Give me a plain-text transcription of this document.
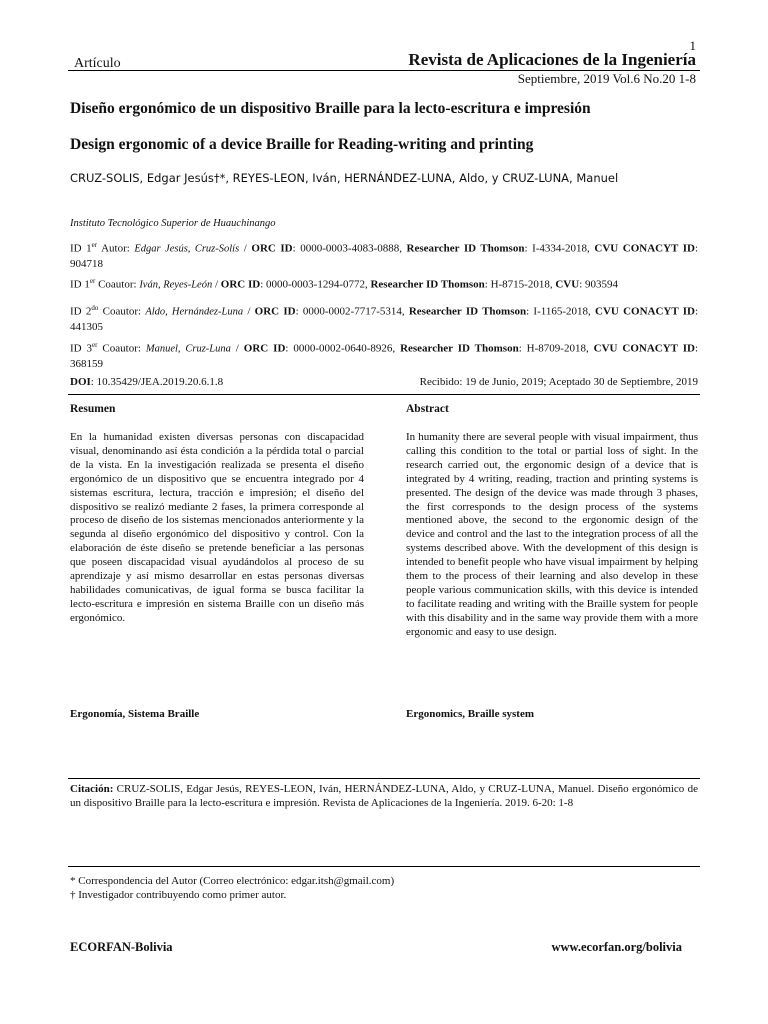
1
Artículo	Revista de Aplicaciones de la Ingeniería
Septiembre, 2019 Vol.6 No.20 1-8
Diseño ergonómico de un dispositivo Braille para la lecto-escritura e impresión
Design ergonomic of a device Braille for Reading-writing and printing
CRUZ-SOLIS, Edgar Jesús†*, REYES-LEON, Iván, HERNÁNDEZ-LUNA, Aldo, y CRUZ-LUNA, Manuel
Instituto Tecnológico Superior de Huauchinango
ID 1er Autor: Edgar Jesús, Cruz-Solís / ORC ID: 0000-0003-4083-0888, Researcher ID Thomson: I-4334-2018, CVU CONACYT ID: 904718
ID 1er Coautor: Iván, Reyes-León / ORC ID: 0000-0003-1294-0772, Researcher ID Thomson: H-8715-2018, CVU: 903594
ID $2^{do}$ Coautor: Aldo, Hernández-Luna / ORC ID: 0000-0002-7717-5314, Researcher ID Thomson: I-1165-2018, CVU CONACYT ID: 441305
ID 3er Coautor: Manuel, Cruz-Luna / ORC ID: 0000-0002-0640-8926, Researcher ID Thomson: H-8709-2018, CVU CONACYT ID: 368159
DOI: 10.35429/JEA.2019.20.6.1.8	Recibido: 19 de Junio, 2019; Aceptado 30 de Septiembre, 2019
Resumen	Abstract
En la humanidad existen diversas personas con discapacidad visual, denominando así ésta condición a la pérdida total o parcial de la vista. En la investigación realizada se presenta el diseño ergonómico de un dispositivo que se encuentra integrado por 4 sistemas escritura, lectura, tracción e impresión; el diseño del dispositivo se realizó mediante 2 fases, la primera corresponde al proceso de diseño de los sistemas mencionados anteriormente y la segunda al diseño ergonómico del dispositivo y control. Con la elaboración de éste diseño se pretende beneficiar a las personas que poseen discapacidad visual ayudándolos al proceso de su aprendizaje y así mismo desarrollar en estas personas diversas habilidades comunicativas, de igual forma se busca facilitar la lecto-escritura e impresión en sistema Braille con un diseño más ergonómico.
In humanity there are several people with visual impairment, thus calling this condition to the total or partial loss of sight. In the research carried out, the ergonomic design of a device that is integrated by 4 writing, reading, traction and printing systems is presented. The design of the device was made through 3 phases, the first corresponds to the design process of the systems mentioned above, the second to the ergonomic design of the device and control and the last to the integration process of all the systems described above. With the development of this design is intended to benefit people who have visual impairment by helping them to the process of their learning and also develop in these people various communication skills, with this device is intended to facilitate reading and writing with the Braille system for people with this disability and in the same way provide them with a more ergonomic and easy to use design.
Ergonomía, Sistema Braille	Ergonomics, Braille system
Citación: CRUZ-SOLIS, Edgar Jesús, REYES-LEON, Iván, HERNÁNDEZ-LUNA, Aldo, y CRUZ-LUNA, Manuel. Diseño ergonómico de un dispositivo Braille para la lecto-escritura e impresión. Revista de Aplicaciones de la Ingeniería. 2019. 6-20: 1-8
* Correspondencia del Autor (Correo electrónico: edgar.itsh@gmail.com)
† Investigador contribuyendo como primer autor.
ECORFAN-Bolivia	www.ecorfan.org/bolivia
